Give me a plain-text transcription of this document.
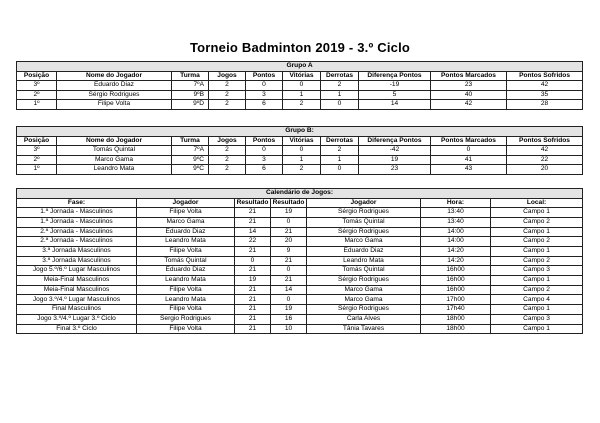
Torneio Badminton 2019 - 3.º Ciclo
Grupo A									
Posição	Nome do Jogador	Turma	Jogos	Pontos	Vitórias	Derrotas	Diferença Pontos	Pontos Marcados	Pontos Sofridos
3º	Eduardo Diaz	7ºA	2	0	0	2	-19	23	42
2º	Sérgio Rodrigues	9ºB	2	3	1	1	5	40	35
1º	Filipe Volta	9ºD	2	6	2	0	14	42	28
Grupo B:									
Posição	Nome do Jogador	Turma	Jogos	Pontos	Vitórias	Derrotas	Diferença Pontos	Pontos Marcados	Pontos Sofridos
3º	Tomás Quintal	7ºA	2	0	0	2	-42	0	42
2º	Marco Gama	9ºC	2	3	1	1	19	41	22
1º	Leandro Mata	9ºC	2	6	2	0	23	43	20
Calendário de Jogos:						
Fase:	Jogador	Resultado	Resultado	Jogador	Hora:	Local:
1.ª Jornada - Masculinos	Filipe Volta	21	19	Sérgio Rodrigues	13:40	Campo 1
1.ª Jornada - Masculinos	Marco Gama	21	0	Tomás Quintal	13:40	Campo 2
2.ª Jornada - Masculinos	Eduardo Diaz	14	21	Sérgio Rodrigues	14:00	Campo 1
2.ª Jornada - Masculinos	Leandro Mata	22	20	Marco Gama	14:00	Campo 2
3.ª Jornada Masculinos	Filipe Volta	21	9	Eduardo Diaz	14:20	Campo 1
3.ª Jornada Masculinos	Tomás Quintal	0	21	Leandro Mata	14:20	Campo 2
Jogo 5.º/6.º Lugar Masculinos	Eduardo Diaz	21	0	Tomás Quintal	16h00	Campo 3
Meia-Final Masculinos	Leandro Mata	19	21	Sérgio Rodrigues	16h00	Campo 1
Meia-Final Masculinos	Filipe Volta	21	14	Marco Gama	16h00	Campo 2
Jogo 3.º/4.º Lugar Masculinos	Leandro Mata	21	0	Marco Gama	17h00	Campo 4
Final Masculinos	Filipe Volta	21	19	Sérgio Rodrigues	17h40	Campo 1
Jogo 3.º/4.º Lugar 3.º Ciclo	Sergio Rodrigues	21	16	Carla Alves	18h00	Campo 3
Final 3.º Ciclo	Filipe Volta	21	10	Tânia Tavares	18h00	Campo 1
